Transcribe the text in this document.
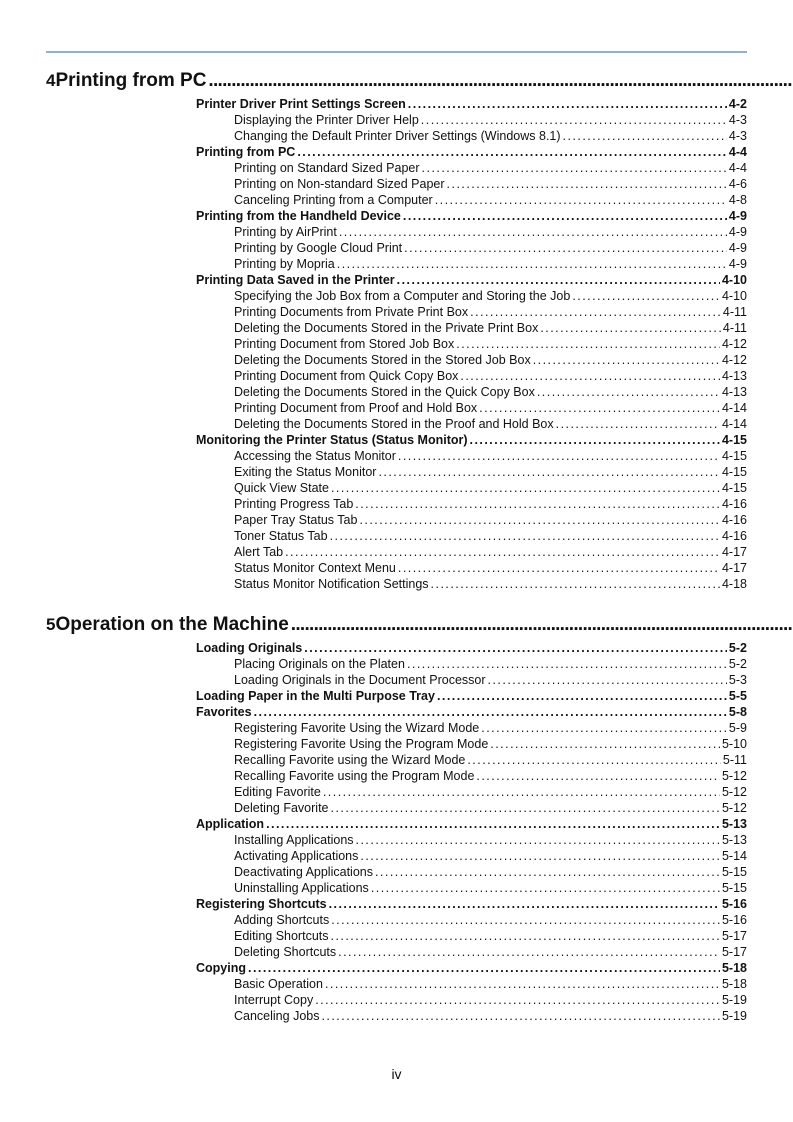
4 Printing from PC
. . .
Printer Driver Print Settings Screen . . .	4-2
Displaying the Printer Driver Help . . .	4-3
Changing the Default Printer Driver Settings (Windows 8.1) . . .	4-3
Printing from PC . . .	4-4
Printing on Standard Sized Paper . . .	4-4
Printing on Non-standard Sized Paper . . .	4-6
Canceling Printing from a Computer . . .	4-8
Printing from the Handheld Device . . .	4-9
Printing by AirPrint . . .	4-9
Printing by Google Cloud Print . . .	4-9
Printing by Mopria . . .	4-9
Printing Data Saved in the Printer . . .	4-10
Specifying the Job Box from a Computer and Storing the Job . . .	4-10
Printing Documents from Private Print Box . . .	4-11
Deleting the Documents Stored in the Private Print Box . . .	4-11
Printing Document from Stored Job Box . . .	4-12
Deleting the Documents Stored in the Stored Job Box . . .	4-12
Printing Document from Quick Copy Box . . .	4-13
Deleting the Documents Stored in the Quick Copy Box . . .	4-13
Printing Document from Proof and Hold Box . . .	4-14
Deleting the Documents Stored in the Proof and Hold Box . . .	4-14
Monitoring the Printer Status (Status Monitor) . . .	4-15
Accessing the Status Monitor . . .	4-15
Exiting the Status Monitor . . .	4-15
Quick View State . . .	4-15
Printing Progress Tab . . .	4-16
Paper Tray Status Tab . . .	4-16
Toner Status Tab . . .	4-16
Alert Tab . . .	4-17
Status Monitor Context Menu . . .	4-17
Status Monitor Notification Settings . . .	4-18
5 Operation on the Machine
. . .
Loading Originals . . .	5-2
Placing Originals on the Platen . . .	5-2
Loading Originals in the Document Processor . . .	5-3
Loading Paper in the Multi Purpose Tray . . .	5-5
Favorites . . .	5-8
Registering Favorite Using the Wizard Mode . . .	5-9
Registering Favorite Using the Program Mode . . .	5-10
Recalling Favorite using the Wizard Mode . . .	5-11
Recalling Favorite using the Program Mode . . .	5-12
Editing Favorite . . .	5-12
Deleting Favorite . . .	5-12
Application . . .	5-13
Installing Applications . . .	5-13
Activating Applications . . .	5-14
Deactivating Applications . . .	5-15
Uninstalling Applications . . .	5-15
Registering Shortcuts . . .	5-16
Adding Shortcuts . . .	5-16
Editing Shortcuts . . .	5-17
Deleting Shortcuts . . .	5-17
Copying . . .	5-18
Basic Operation . . .	5-18
Interrupt Copy . . .	5-19
Canceling Jobs . . .	5-19
iv
